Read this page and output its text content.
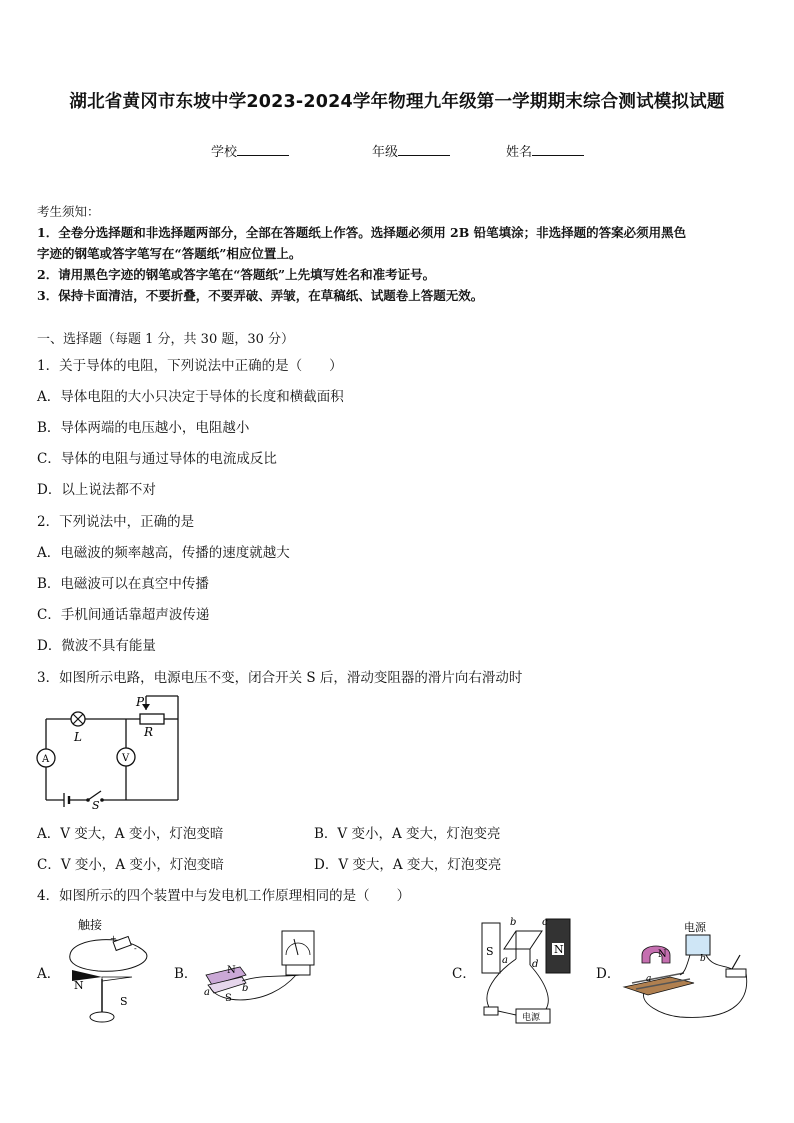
湖北省黄冈市东坡中学2023-2024学年物理九年级第一学期期末综合测试模拟试题
学校	年级	姓名
考生须知：
1．全卷分选择题和非选择题两部分，全部在答题纸上作答。选择题必须用 2B 铅笔填涂；非选择题的答案必须用黑色
字迹的钢笔或答字笔写在“答题纸”相应位置上。
2．请用黑色字迹的钢笔或答字笔在“答题纸”上先填写姓名和准考证号。
3．保持卡面清洁，不要折叠，不要弄破、弄皱，在草稿纸、试题卷上答题无效。
一、选择题（每题 1 分，共 30 题，30 分）
1．关于导体的电阻，下列说法中正确的是（　　）
A．导体电阻的大小只决定于导体的长度和横截面积
B．导体两端的电压越小，电阻越小
C．导体的电阻与通过导体的电流成反比
D．以上说法都不对
2．下列说法中，正确的是
A．电磁波的频率越高，传播的速度就越大
B．电磁波可以在真空中传播
C．手机间通话靠超声波传递
D．微波不具有能量
3．如图所示电路，电源电压不变，闭合开关 S 后，滑动变阻器的滑片向右滑动时
P
R
L
A	V
S
A．V 变大，A 变小，灯泡变暗	B．V 变小，A 变大，灯泡变亮
C．V 变小，A 变小，灯泡变暗	D．V 变大，A 变大，灯泡变亮
4．如图所示的四个装置中与发电机工作原理相同的是（　　）
A．	B．	C．	D．
触接
+
-
N
S
N
S
a	b
S	N
b	c
a d
电源
电源
N
a
b
